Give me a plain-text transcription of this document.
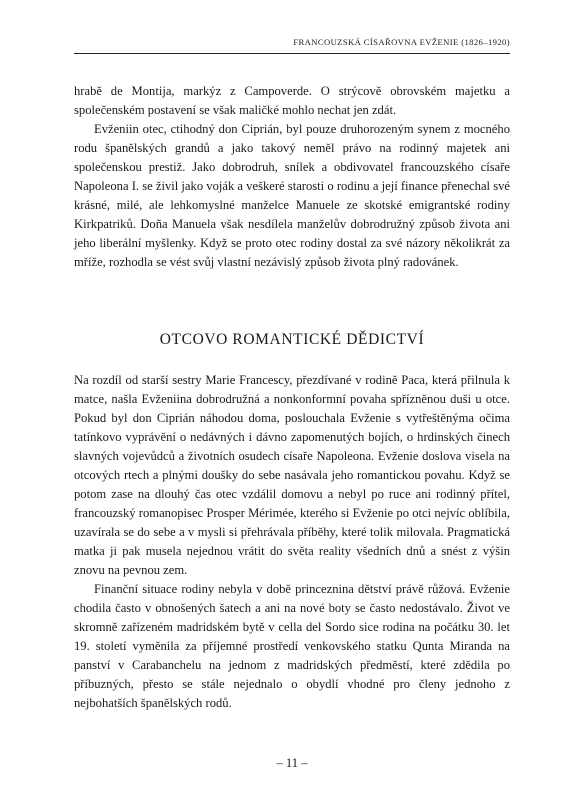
FRANCOUZSKÁ CÍSAŘOVNA EVŽENIE (1826–1920)

hrabě de Montija, markýz z Campoverde. O strýcově obrovském majetku a společenském postavení se však maličké mohlo nechat jen zdát.

Evženiin otec, ctihodný don Ciprián, byl pouze druhorozeným synem z mocného rodu španělských grandů a jako takový neměl právo na rodinný majetek ani společenskou prestiž. Jako dobrodruh, snílek a obdivovatel francouzského císaře Napoleona I. se živil jako voják a veškeré starosti o rodinu a její finance přenechal své krásné, milé, ale lehkomyslné manželce Manuele ze skotské emigrantské rodiny Kirkpatriků. Doña Manuela však nesdílela manželův dobrodružný způsob života ani jeho liberální myšlenky. Když se proto otec rodiny dostal za své názory několikrát za mříže, rozhodla se vést svůj vlastní nezávislý způsob života plný radovánek.

OTCOVO ROMANTICKÉ DĚDICTVÍ

Na rozdíl od starší sestry Marie Francescy, přezdívané v rodině Paca, která přilnula k matce, našla Evženiina dobrodružná a nonkonformní povaha spřízněnou duši u otce. Pokud byl don Ciprián náhodou doma, poslouchala Evženie s vytřeštěnýma očima tatínkovo vyprávění o nedávných i dávno zapomenutých bojích, o hrdinských činech slavných vojevůdců a životních osudech císaře Napoleona. Evženie doslova visela na otcových rtech a plnými doušky do sebe nasávala jeho romantickou povahu. Když se potom zase na dlouhý čas otec vzdálil domovu a nebyl po ruce ani rodinný přítel, francouzský romanopisec Prosper Mérimée, kterého si Evženie po otci nejvíc oblíbila, uzavírala se do sebe a v mysli si přehrávala příběhy, které tolik milovala. Pragmatická matka ji pak musela nejednou vrátit do světa reality všedních dnů a snést z výšin znovu na pevnou zem.

Finanční situace rodiny nebyla v době princeznina dětství právě růžová. Evženie chodila často v obnošených šatech a ani na nové boty se často nedostávalo. Život ve skromně zařízeném madridském bytě v cella del Sordo sice rodina na počátku 30. let 19. století vyměnila za příjemné prostředí venkovského statku Qunta Miranda na panství v Carabanchelu na jednom z madridských předměstí, které zdědila po příbuzných, přesto se stále nejednalo o obydlí vhodné pro členy jednoho z nejbohatších španělských rodů.

– 11 –
